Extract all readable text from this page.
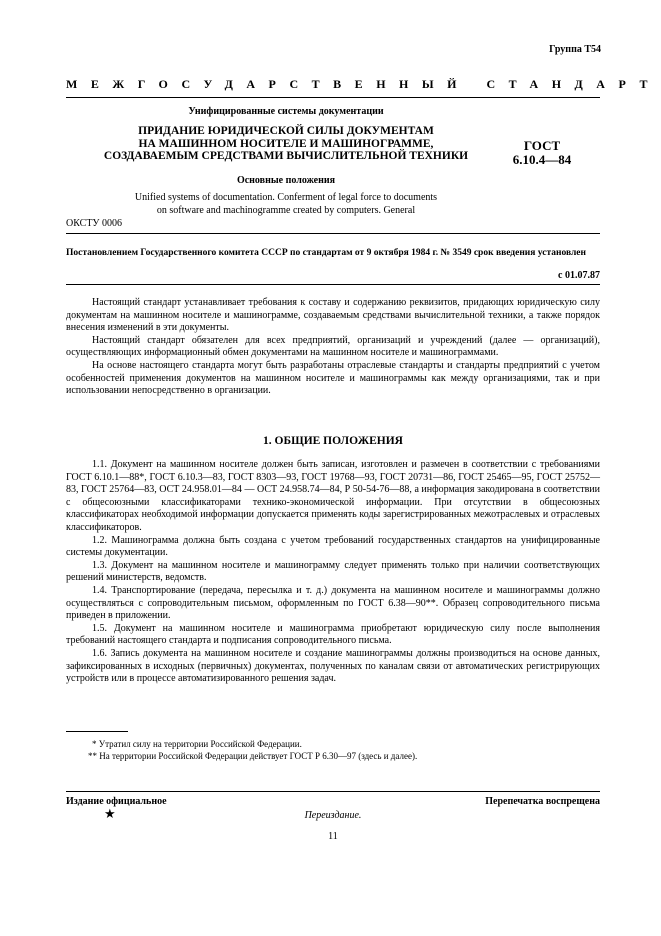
Группа Т54
МЕЖГОСУДАРСТВЕННЫЙ СТАНДАРТ
Унифицированные системы документации
ПРИДАНИЕ ЮРИДИЧЕСКОЙ СИЛЫ ДОКУМЕНТАМ
НА МАШИННОМ НОСИТЕЛЕ И МАШИНОГРАММЕ,
СОЗДАВАЕМЫМ СРЕДСТВАМИ ВЫЧИСЛИТЕЛЬНОЙ ТЕХНИКИ
ГОСТ
6.10.4—84
Основные положения
Unified systems of documentation. Conferment of legal force to documents
on software and machinogramme created by computers. General
ОКСТУ 0006
Постановлением Государственного комитета СССР по стандартам от 9 октября 1984 г. № 3549 срок введения установлен
с 01.07.87

Настоящий стандарт устанавливает требования к составу и содержанию реквизитов, придающих юридическую силу документам на машинном носителе и машинограмме, создаваемым средствами вычислительной техники, а также порядок внесения изменений в эти документы.

Настоящий стандарт обязателен для всех предприятий, организаций и учреждений (далее — организаций), осуществляющих информационный обмен документами на машинном носителе и машинограммами.

На основе настоящего стандарта могут быть разработаны отраслевые стандарты и стандарты предприятий с учетом особенностей применения документов на машинном носителе и машинограммы как между организациями, так и при использовании непосредственно в организации.

1. ОБЩИЕ ПОЛОЖЕНИЯ

1.1. Документ на машинном носителе должен быть записан, изготовлен и размечен в соответствии с требованиями ГОСТ 6.10.1—88*, ГОСТ 6.10.3—83, ГОСТ 8303—93, ГОСТ 19768—93, ГОСТ 20731—86, ГОСТ 25465—95, ГОСТ 25752—83, ГОСТ 25764—83, ОСТ 24.958.01—84 — ОСТ 24.958.74—84, Р 50-54-76—88, а информация закодирована в соответствии с общесоюзными классификаторами технико-экономической информации. При отсутствии в общесоюзных классификаторах необходимой информации допускается применять коды зарегистрированных межотраслевых и отраслевых классификаторов.

1.2. Машинограмма должна быть создана с учетом требований государственных стандартов на унифицированные системы документации.

1.3. Документ на машинном носителе и машинограмму следует применять только при наличии соответствующих решений министерств, ведомств.

1.4. Транспортирование (передача, пересылка и т. д.) документа на машинном носителе и машинограммы должно осуществляться с сопроводительным письмом, оформленным по ГОСТ 6.38—90**. Образец сопроводительного письма приведен в приложении.

1.5. Документ на машинном носителе и машинограмма приобретают юридическую силу после выполнения требований настоящего стандарта и подписания сопроводительного письма.

1.6. Запись документа на машинном носителе и создание машинограммы должны производиться на основе данных, зафиксированных в исходных (первичных) документах, полученных по каналам связи от автоматических регистрирующих устройств или в процессе автоматизированного решения задач.

* Утратил силу на территории Российской Федерации.
** На территории Российской Федерации действует ГОСТ Р 6.30—97 (здесь и далее).
Издание официальное	Перепечатка воспрещена
★	Переиздание.
11
